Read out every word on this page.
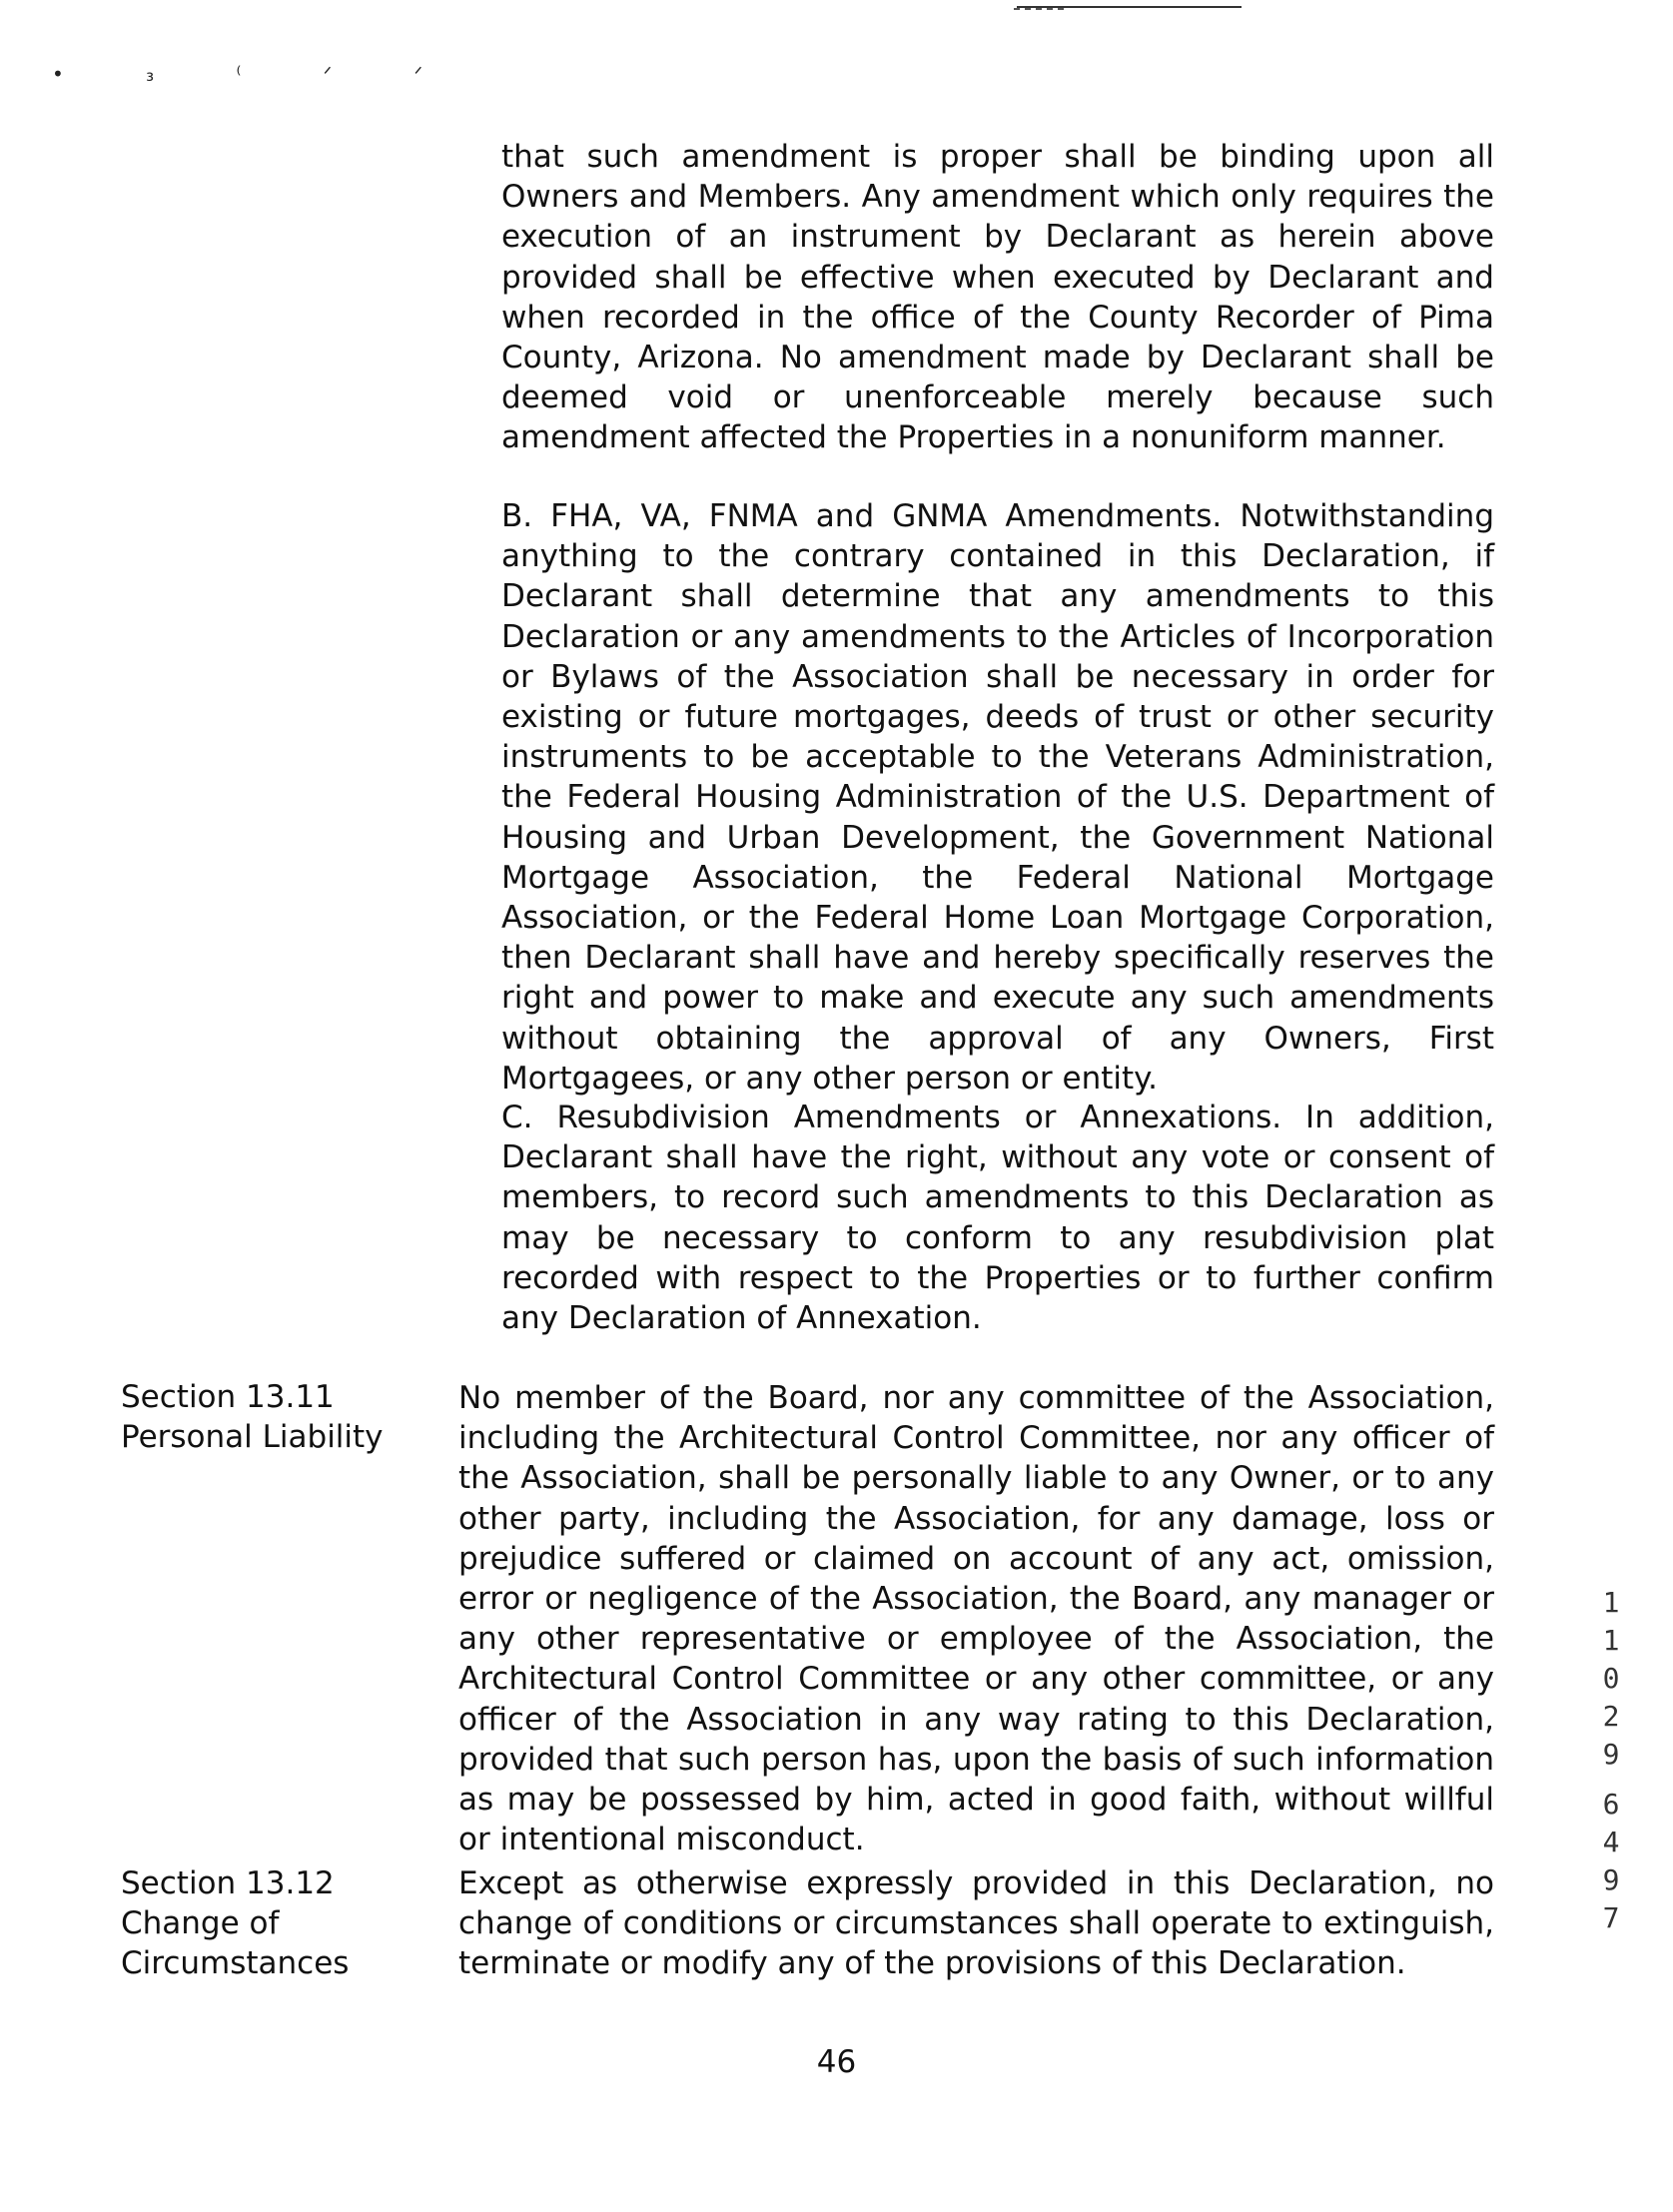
• ₃ ⁽ ᐟ ᐟ

that such amendment is proper shall be binding upon all Owners and Members. Any amendment which only requires the execution of an instrument by Declarant as herein above provided shall be effective when executed by Declarant and when recorded in the office of the County Recorder of Pima County, Arizona. No amendment made by Declarant shall be deemed void or unenforceable merely because such amendment affected the Properties in a nonuniform manner.

B. FHA, VA, FNMA and GNMA Amendments. Notwithstanding anything to the contrary contained in this Declaration, if Declarant shall determine that any amendments to this Declaration or any amendments to the Articles of Incorporation or Bylaws of the Association shall be necessary in order for existing or future mortgages, deeds of trust or other security instruments to be acceptable to the Veterans Administration, the Federal Housing Administration of the U.S. Department of Housing and Urban Development, the Government National Mortgage Association, the Federal National Mortgage Association, or the Federal Home Loan Mortgage Corporation, then Declarant shall have and hereby specifically reserves the right and power to make and execute any such amendments without obtaining the approval of any Owners, First Mortgagees, or any other person or entity.

C. Resubdivision Amendments or Annexations. In addition, Declarant shall have the right, without any vote or consent of members, to record such amendments to this Declaration as may be necessary to conform to any resubdivision plat recorded with respect to the Properties or to further confirm any Declaration of Annexation.

Section 13.11
Personal Liability

No member of the Board, nor any committee of the Association, including the Architectural Control Committee, nor any officer of the Association, shall be personally liable to any Owner, or to any other party, including the Association, for any damage, loss or prejudice suffered or claimed on account of any act, omission, error or negligence of the Association, the Board, any manager or any other representative or employee of the Association, the Architectural Control Committee or any other committee, or any officer of the Association in any way rating to this Declaration, provided that such person has, upon the basis of such information as may be possessed by him, acted in good faith, without willful or intentional misconduct.

Section 13.12
Change of
Circumstances

Except as otherwise expressly provided in this Declaration, no change of conditions or circumstances shall operate to extinguish, terminate or modify any of the provisions of this Declaration.

1
1
0
2
9
6
4
9
7

46
